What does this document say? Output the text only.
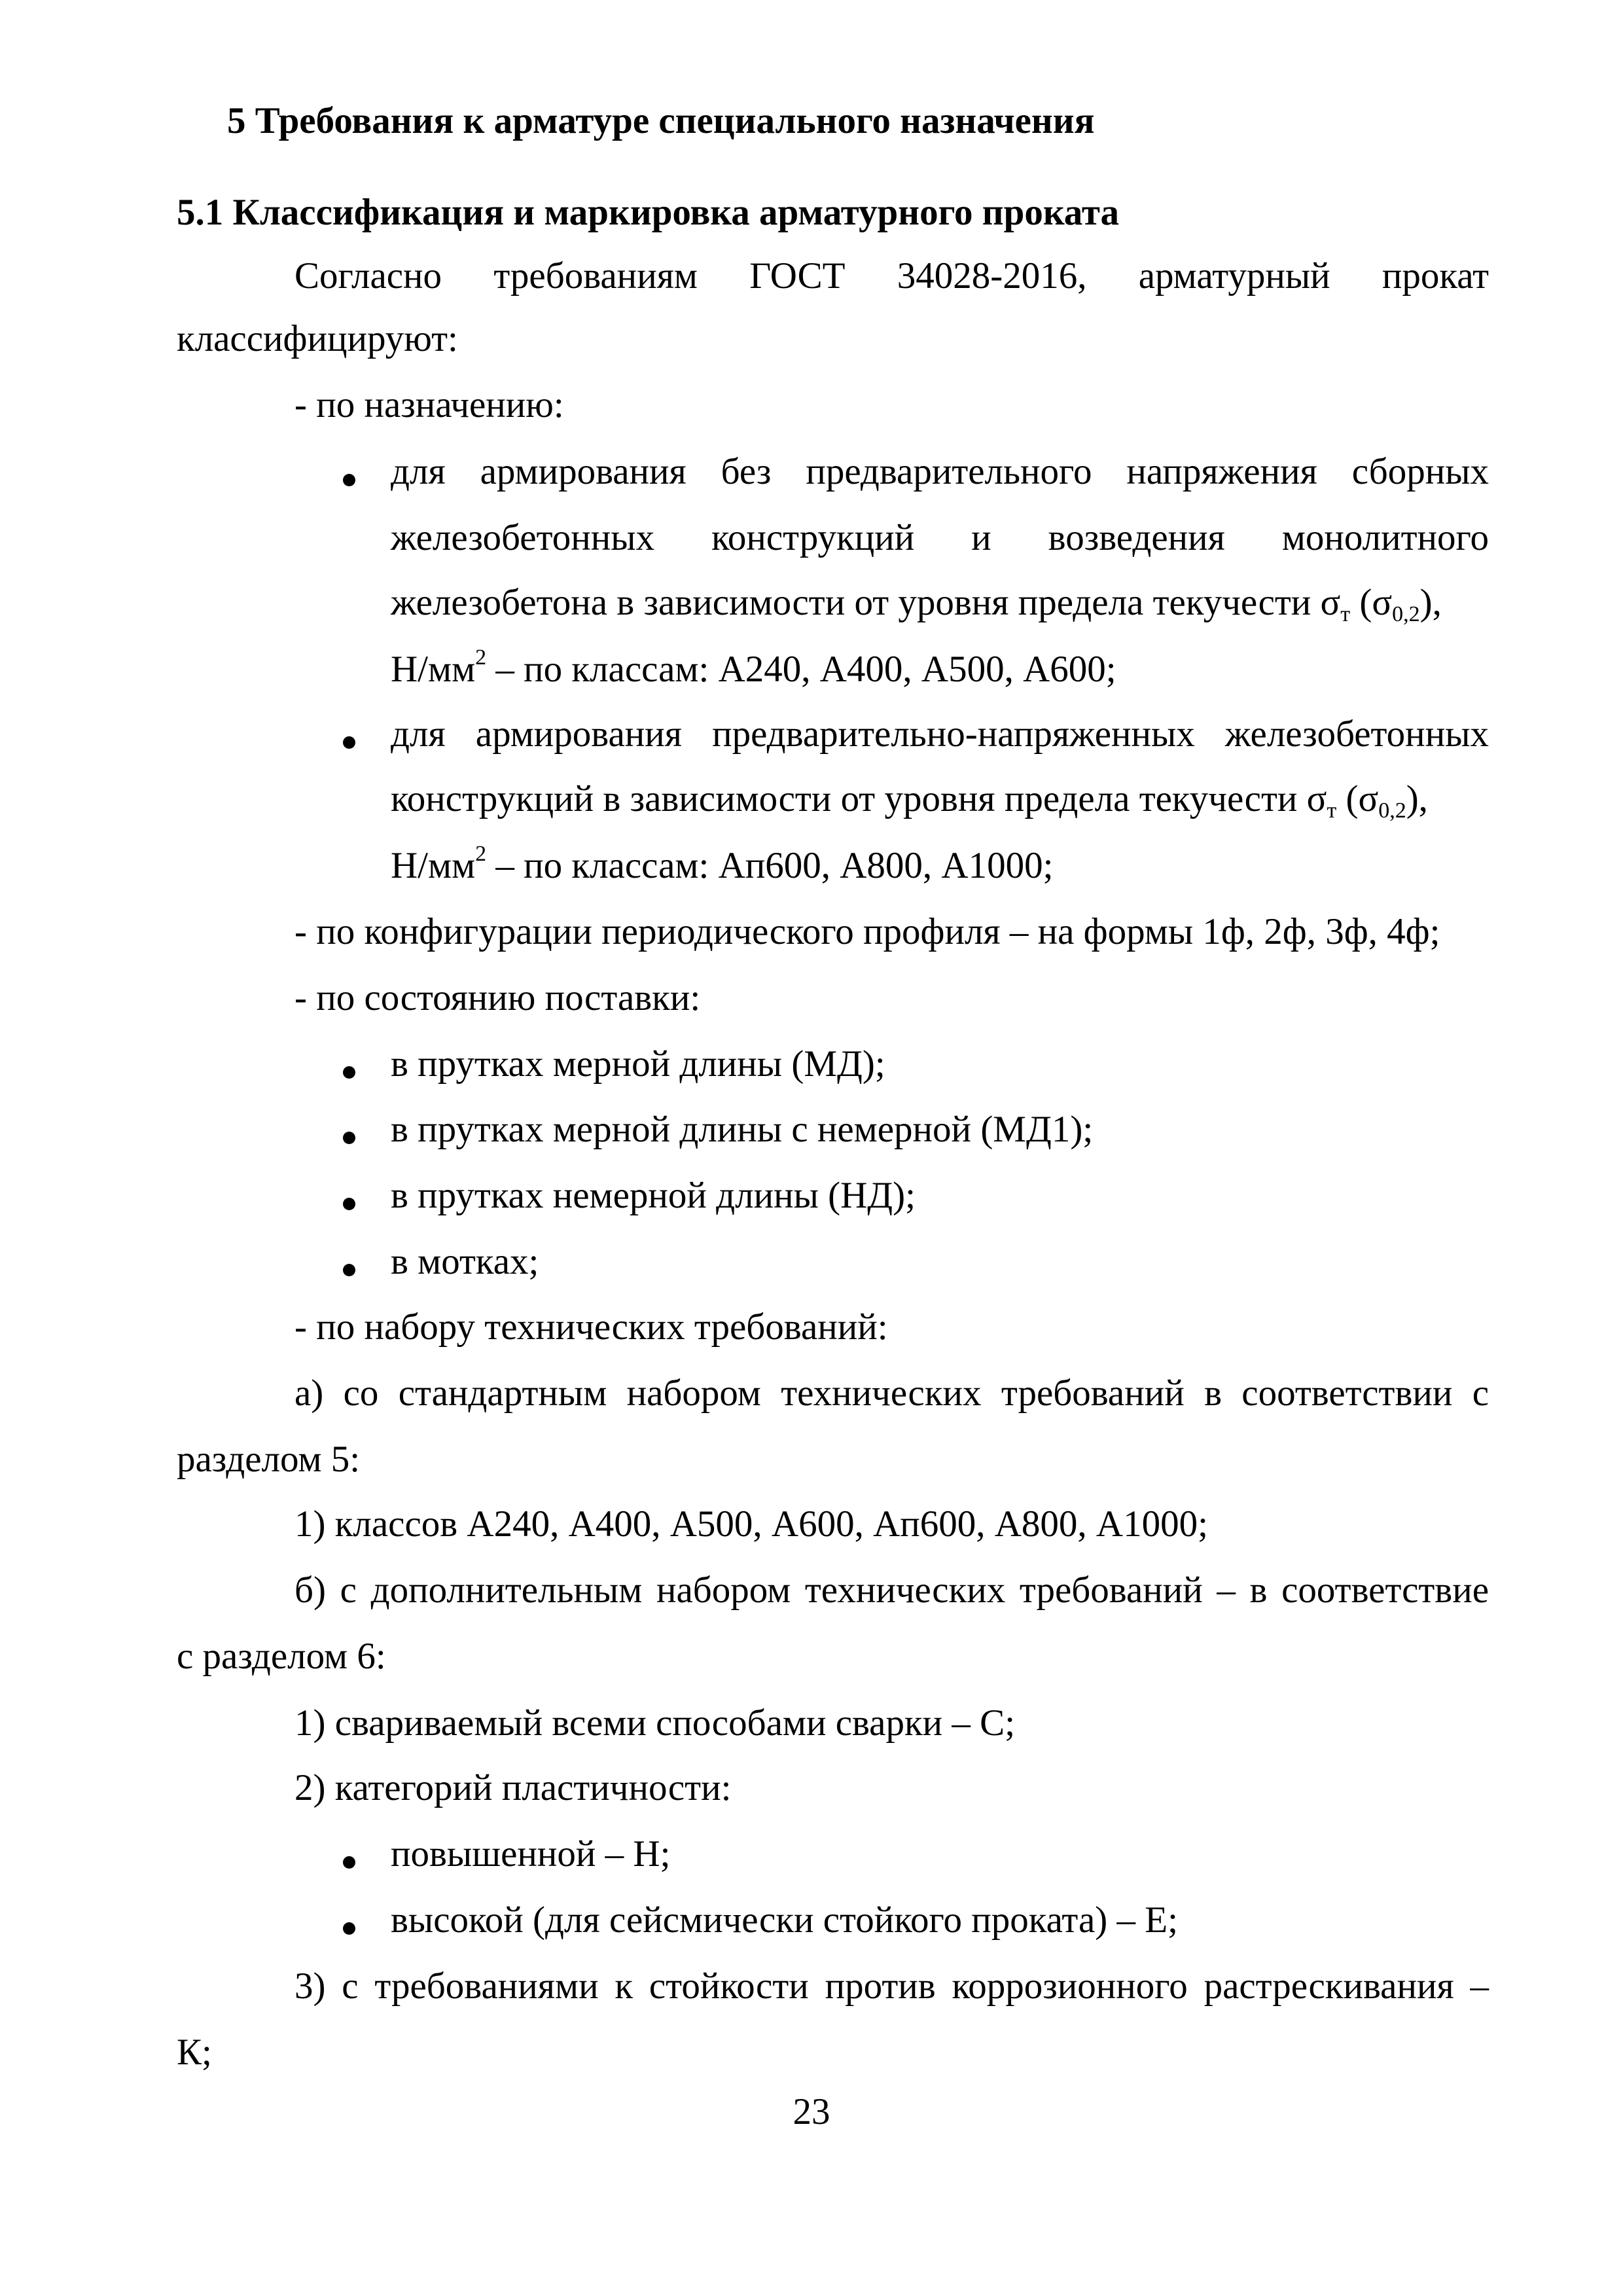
5 Требования к арматуре специального назначения

5.1 Классификация и маркировка арматурного проката

Согласно требованиям ГОСТ 34028-2016, арматурный прокат

классифицируют:

- по назначению:

для армирования без предварительного напряжения сборных

железобетонных конструкций и возведения монолитного

железобетона в зависимости от уровня предела текучести $\sigma_т$ $(\sigma_{0,2})$,

$Н/мм^2$ – по классам: А240, А400, А500, А600;

для армирования предварительно-напряженных железобетонных

конструкций в зависимости от уровня предела текучести $\sigma_т$ $(\sigma_{0,2})$,

$Н/мм^2$ – по классам: Ап600, А800, А1000;

- по конфигурации периодического профиля – на формы 1ф, 2ф, 3ф, 4ф;

- по состоянию поставки:

в прутках мерной длины (МД);

в прутках мерной длины с немерной (МД1);

в прутках немерной длины (НД);

в мотках;

- по набору технических требований:

а) со стандартным набором технических требований в соответствии с

разделом 5:

1) классов А240, А400, А500, А600, Ап600, А800, А1000;

б) с дополнительным набором технических требований – в соответствие

с разделом 6:

1) свариваемый всеми способами сварки – С;

2) категорий пластичности:

повышенной – Н;

высокой (для сейсмически стойкого проката) – Е;

3) с требованиями к стойкости против коррозионного растрескивания –

К;

23
